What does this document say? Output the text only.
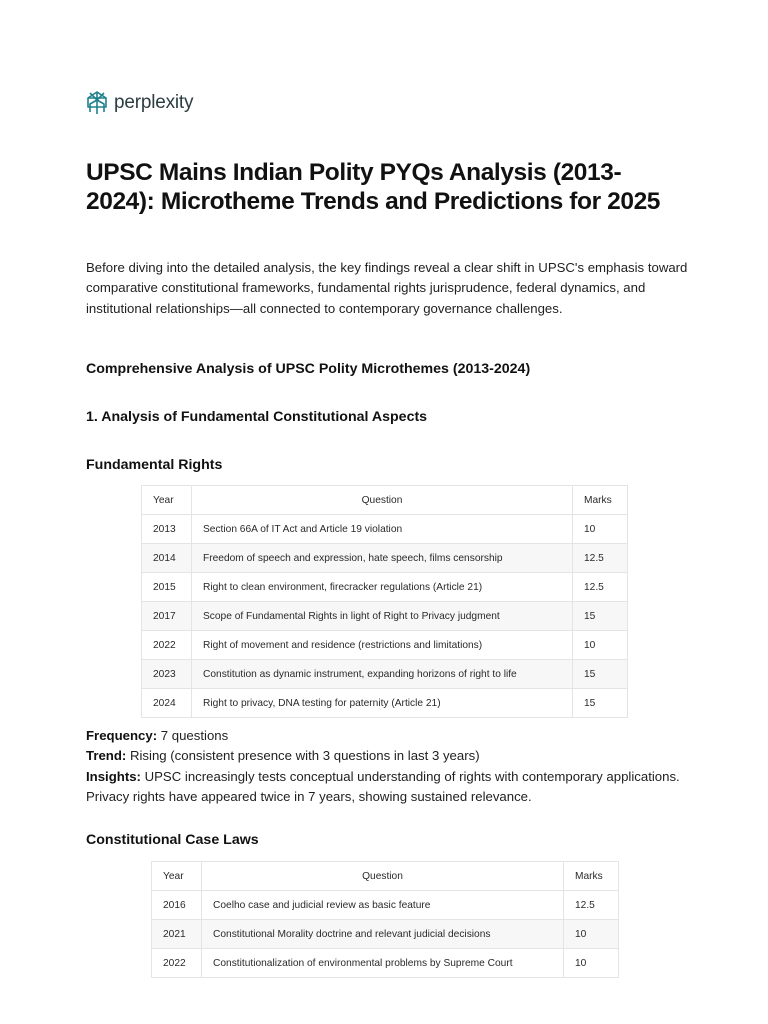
perplexity
UPSC Mains Indian Polity PYQs Analysis (2013-2024): Microtheme Trends and Predictions for 2025

Before diving into the detailed analysis, the key findings reveal a clear shift in UPSC's emphasis toward comparative constitutional frameworks, fundamental rights jurisprudence, federal dynamics, and institutional relationships—all connected to contemporary governance challenges.

Comprehensive Analysis of UPSC Polity Microthemes (2013-2024)

1. Analysis of Fundamental Constitutional Aspects

Fundamental Rights

Year	Question	Marks
2013	Section 66A of IT Act and Article 19 violation	10
2014	Freedom of speech and expression, hate speech, films censorship	12.5
2015	Right to clean environment, firecracker regulations (Article 21)	12.5
2017	Scope of Fundamental Rights in light of Right to Privacy judgment	15
2022	Right of movement and residence (restrictions and limitations)	10
2023	Constitution as dynamic instrument, expanding horizons of right to life	15
2024	Right to privacy, DNA testing for paternity (Article 21)	15
Frequency: 7 questions
Trend: Rising (consistent presence with 3 questions in last 3 years)
Insights: UPSC increasingly tests conceptual understanding of rights with contemporary applications. Privacy rights have appeared twice in 7 years, showing sustained relevance.

Constitutional Case Laws

Year	Question	Marks
2016	Coelho case and judicial review as basic feature	12.5
2021	Constitutional Morality doctrine and relevant judicial decisions	10
2022	Constitutionalization of environmental problems by Supreme Court	10
